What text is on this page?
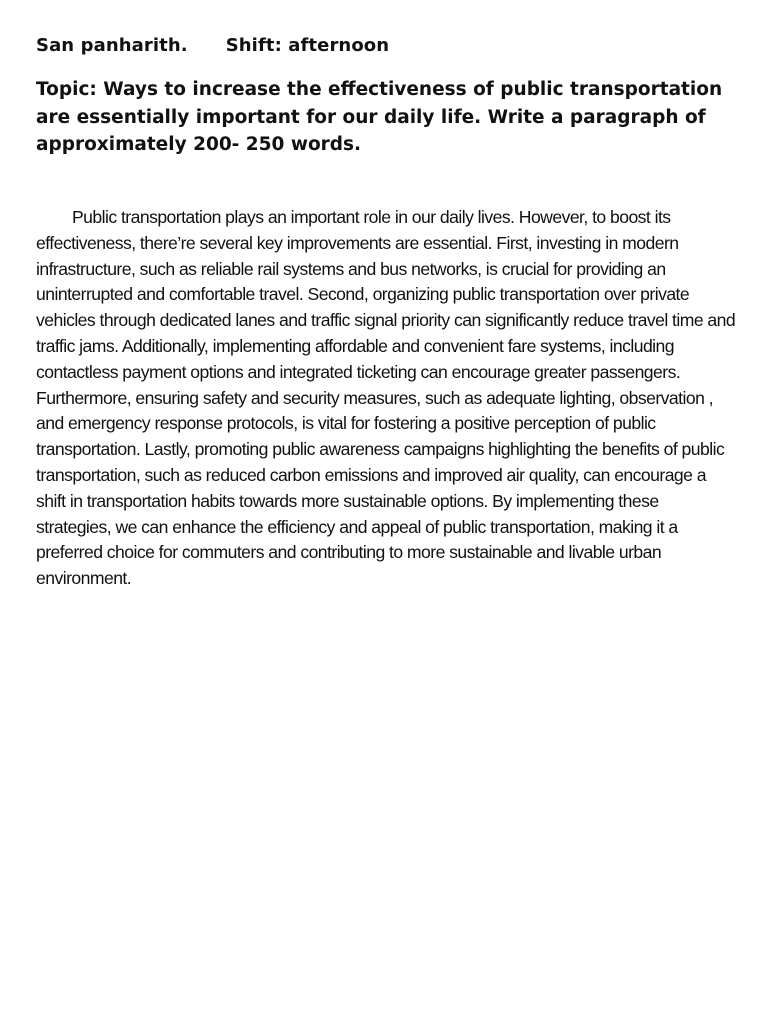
San panharith. Shift: afternoon

Topic: Ways to increase the effectiveness of public transportation are essentially important for our daily life. Write a paragraph of approximately 200- 250 words.

Public transportation plays an important role in our daily lives. However, to boost its effectiveness, there’re several key improvements are essential. First, investing in modern infrastructure, such as reliable rail systems and bus networks, is crucial for providing an uninterrupted and comfortable travel. Second, organizing public transportation over private vehicles through dedicated lanes and traffic signal priority can significantly reduce travel time and traffic jams. Additionally, implementing affordable and convenient fare systems, including contactless payment options and integrated ticketing can encourage greater passengers. Furthermore, ensuring safety and security measures, such as adequate lighting, observation , and emergency response protocols, is vital for fostering a positive perception of public transportation. Lastly, promoting public awareness campaigns highlighting the benefits of public transportation, such as reduced carbon emissions and improved air quality, can encourage a shift in transportation habits towards more sustainable options. By implementing these strategies, we can enhance the efficiency and appeal of public transportation, making it a preferred choice for commuters and contributing to more sustainable and livable urban environment.
